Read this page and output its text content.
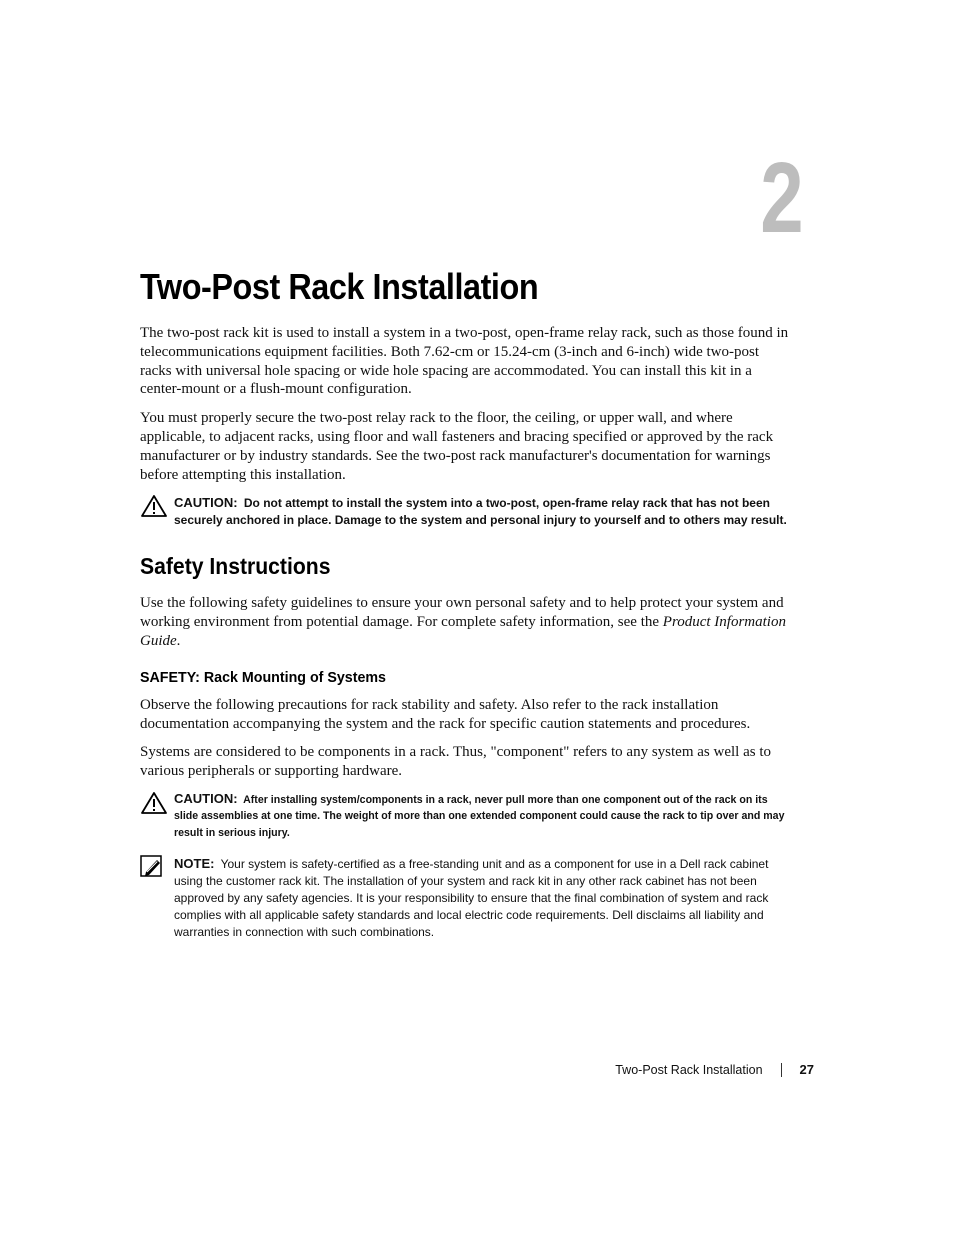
2
Two-Post Rack Installation

The two-post rack kit is used to install a system in a two-post, open-frame relay rack, such as those found in telecommunications equipment facilities. Both 7.62-cm or 15.24-cm (3-inch and 6-inch) wide two-post racks with universal hole spacing or wide hole spacing are accommodated. You can install this kit in a center-mount or a flush-mount configuration.

You must properly secure the two-post relay rack to the floor, the ceiling, or upper wall, and where applicable, to adjacent racks, using floor and wall fasteners and bracing specified or approved by the rack manufacturer or by industry standards. See the two-post rack manufacturer's documentation for warnings before attempting this installation.

CAUTION: Do not attempt to install the system into a two-post, open-frame relay rack that has not been securely anchored in place. Damage to the system and personal injury to yourself and to others may result.
Safety Instructions

Use the following safety guidelines to ensure your own personal safety and to help protect your system and working environment from potential damage. For complete safety information, see the Product Information Guide.

SAFETY: Rack Mounting of Systems

Observe the following precautions for rack stability and safety. Also refer to the rack installation documentation accompanying the system and the rack for specific caution statements and procedures.

Systems are considered to be components in a rack. Thus, "component" refers to any system as well as to various peripherals or supporting hardware.

CAUTION: After installing system/components in a rack, never pull more than one component out of the rack on its slide assemblies at one time. The weight of more than one extended component could cause the rack to tip over and may result in serious injury.
NOTE: Your system is safety-certified as a free-standing unit and as a component for use in a Dell rack cabinet using the customer rack kit. The installation of your system and rack kit in any other rack cabinet has not been approved by any safety agencies. It is your responsibility to ensure that the final combination of system and rack complies with all applicable safety standards and local electric code requirements. Dell disclaims all liability and warranties in connection with such combinations.
Two-Post Rack Installation	27
